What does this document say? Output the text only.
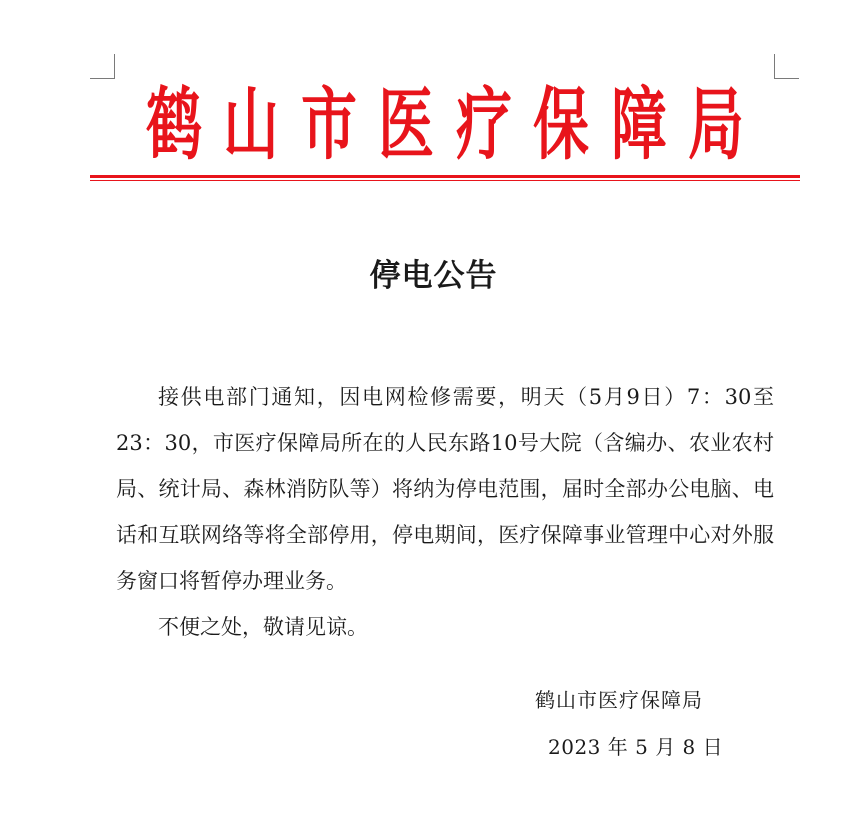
鹤 山 市 医 疗 保 障 局
停电公告

接供电部门通知，因电网检修需要，明天（5月9日）7：30至23：30，市医疗保障局所在的人民东路10号大院（含编办、农业农村局、统计局、森林消防队等）将纳为停电范围，届时全部办公电脑、电话和互联网络等将全部停用，停电期间，医疗保障事业管理中心对外服务窗口将暂停办理业务。

不便之处，敬请见谅。

鹤山市医疗保障局
2023 年 5 月 8 日
